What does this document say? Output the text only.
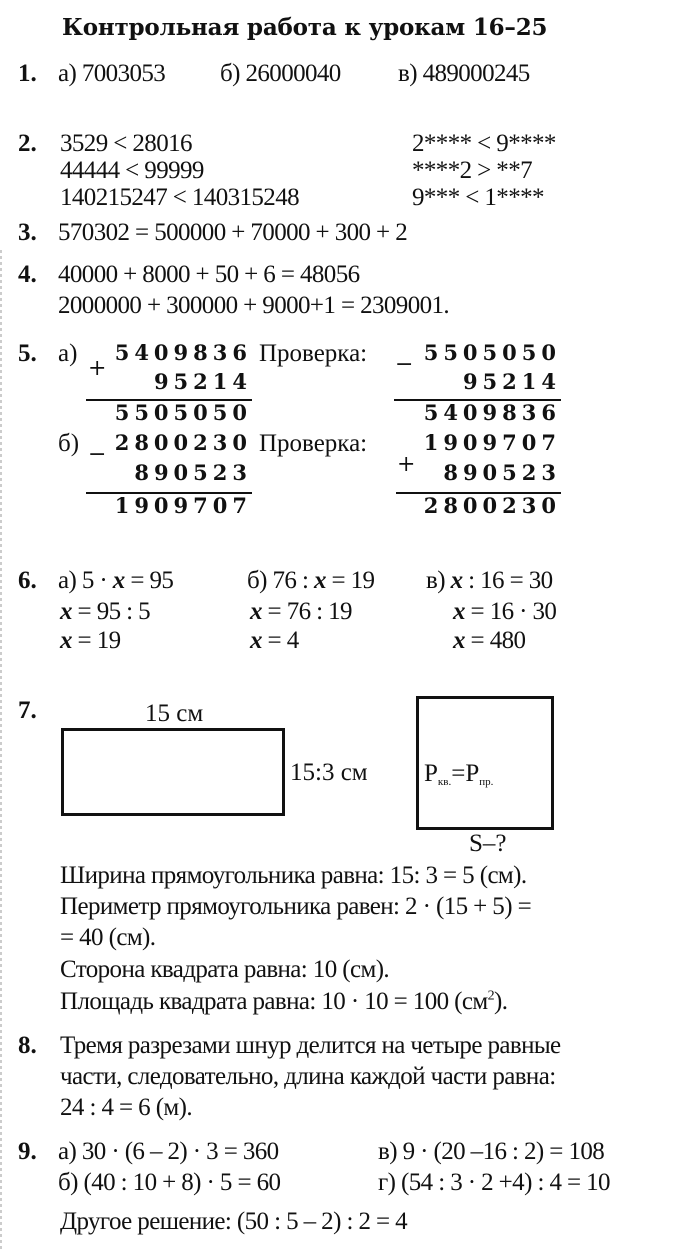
Контрольная работа к урокам 16–25
1. а) 7003053 б) 26000040 в) 489000245
2. 3529 < 28016
44444 < 99999
140215247 < 140315248
2**** < 9****
****2 > **7
9*** < 1****
3. 570302 = 500000 + 70000 + 300 + 2
4. 40000 + 8000 + 50 + 6 = 48056
2000000 + 300000 + 9000+1 = 2309001.
5. а)
+
5409836
95214
5505050
Проверка: − 5505050
95214
5409836
б) − 2800230
890523
1909707
Проверка:
+
1909707
890523
2800230
6. а) 5 · x = 95
x = 95 : 5
x = 19
б) 76 : x = 19
x = 76 : 19
x = 4
в) x : 16 = 30
x = 16 · 30
x = 480
7.	15 см
15:3 см $P_{кв.}=P_{пр.}$
S–?
Ширина прямоугольника равна: 15: 3 = 5 (см).
Периметр прямоугольника равен: 2 · (15 + 5) =
= 40 (см).
Сторона квадрата равна: 10 (см).
Площадь квадрата равна: 10 · 10 = 100 $(см^2)$.
8. Тремя разрезами шнур делится на четыре равные
части, следовательно, длина каждой части равна:
24 : 4 = 6 (м).
9. а) 30 · (6 – 2) · 3 = 360
б) (40 : 10 + 8) · 5 = 60
в) 9 · (20 –16 : 2) = 108
г) (54 : 3 · 2 +4) : 4 = 10
Другое решение: (50 : 5 – 2) : 2 = 4
